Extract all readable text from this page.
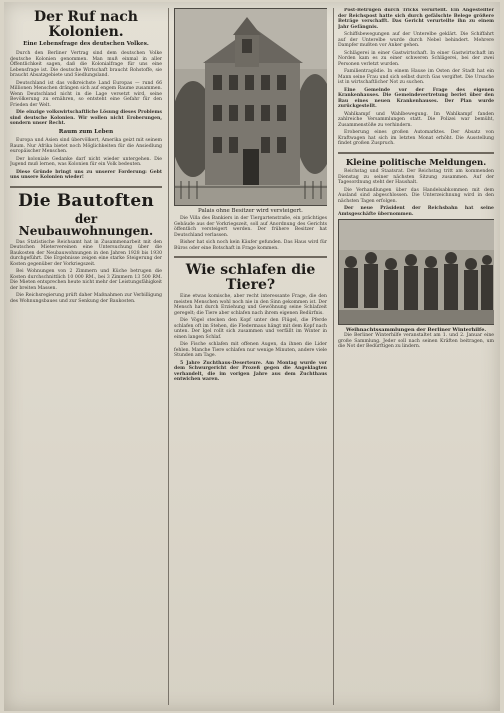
Der Ruf nach Kolonien.
Eine Lebensfrage des deutschen Volkes.

Durch den Berliner Vertrag sind dem deutschen Volke deutsche Kolonien genommen. Man muß einmal in aller Öffentlichkeit sagen, daß die Kolonialfrage für uns eine Lebensfrage ist. Die deutsche Wirtschaft braucht Rohstoffe, sie braucht Absatzgebiete und Siedlungsland.

Deutschland ist das volkreichste Land Europas — rund 66 Millionen Menschen drängen sich auf engem Raume zusammen. Wenn Deutschland nicht in die Lage versetzt wird, seine Bevölkerung zu ernähren, so entsteht eine Gefahr für den Frieden der Welt.

Die einzige volkswirtschaftliche Lösung dieses Problems sind deutsche Kolonien. Wir wollen nicht Eroberungen, sondern unser Recht.

Raum zum Leben

Europa und Asien sind übervölkert, Amerika geizt mit seinem Raum. Nur Afrika bietet noch Möglichkeiten für die Ansiedlung europäischer Menschen.

Der koloniale Gedanke darf nicht wieder untergehen. Die Jugend muß lernen, was Kolonien für ein Volk bedeuten.

Diese Gründe bringt uns zu unserer Forderung: Gebt uns unsere Kolonien wieder!

Die Bautoften
der Neubauwohnungen.

Das Statistische Reichsamt hat in Zusammenarbeit mit den Deutschen Mietervereinen eine Untersuchung über die Baukosten der Neubauwohnungen in den Jahren 1928 bis 1930 durchgeführt. Die Ergebnisse zeigen eine starke Steigerung der Kosten gegenüber der Vorkriegszeit.

Bei Wohnungen von 2 Zimmern und Küche betrugen die Kosten durchschnittlich 10 000 RM., bei 3 Zimmern 13 500 RM. Die Mieten entsprechen heute nicht mehr der Leistungsfähigkeit der breiten Massen.

Die Reichsregierung prüft daher Maßnahmen zur Verbilligung des Wohnungsbaues und zur Senkung der Baukosten.

Palais ohne Besitzer wird versteigert.

Die Villa des Bankiers in der Tiergartenstraße, ein prächtiges Gebäude aus der Vorkriegszeit, soll auf Anordnung des Gerichts öffentlich versteigert werden. Der frühere Besitzer hat Deutschland verlassen.

Bisher hat sich noch kein Käufer gefunden. Das Haus wird für Büros oder eine Botschaft in Frage kommen.

Wie schlafen die Tiere?

Eine etwas komische, aber recht interessante Frage, die den meisten Menschen wohl noch nie in den Sinn gekommen ist. Der Mensch hat durch Erziehung und Gewöhnung seine Schlafzeit geregelt; die Tiere aber schlafen nach ihrem eigenen Bedürfnis.

Die Vögel stecken den Kopf unter den Flügel, die Pferde schlafen oft im Stehen, die Fledermaus hängt mit dem Kopf nach unten. Der Igel rollt sich zusammen und verfällt im Winter in einen langen Schlaf.

Die Fische schlafen mit offenen Augen, da ihnen die Lider fehlen. Manche Tiere schlafen nur wenige Minuten, andere viele Stunden am Tage.

5 Jahre Zuchthaus-Deserteure. Am Montag wurde vor dem Schwurgericht der Prozeß gegen die Angeklagten verhandelt, die im vorigen Jahre aus dem Zuchthaus entwichen waren.

Post-Betrügen durch Tricks verurteilt. Ein Angestellter der Reichspost hatte sich durch gefälschte Belege größere Beträge verschafft. Das Gericht verurteilte ihn zu einem Jahr Gefängnis.

Schiffsbewegungen auf der Unterelbe geklärt. Die Schiffahrt auf der Unterelbe wurde durch Nebel behindert. Mehrere Dampfer mußten vor Anker gehen.

Schlägerei in einer Gastwirtschaft. In einer Gastwirtschaft im Norden kam es zu einer schweren Schlägerei, bei der zwei Personen verletzt wurden.

Familientragödie. In einem Hause im Osten der Stadt hat ein Mann seine Frau und sich selbst durch Gas vergiftet. Die Ursache ist in wirtschaftlicher Not zu suchen.

Eine Gemeinde vor der Frage des eigenen Krankenhauses. Die Gemeindevertretung beriet über den Bau eines neuen Krankenhauses. Der Plan wurde zurückgestellt.

Wahlkampf und Wahlbewegung. Im Wahlkampf fanden zahlreiche Versammlungen statt. Die Polizei war bemüht, Zusammenstöße zu verhindern.

Eroberung eines großen Automarktes. Der Absatz von Kraftwagen hat sich im letzten Monat erhöht. Die Ausstellung findet großen Zuspruch.

Kleine politische Meldungen.

Reichstag und Staatsrat. Der Reichstag tritt am kommenden Dienstag zu seiner nächsten Sitzung zusammen. Auf der Tagesordnung steht der Haushalt.

Die Verhandlungen über das Handelsabkommen mit dem Ausland sind abgeschlossen. Die Unterzeichnung wird in den nächsten Tagen erfolgen.

Der neue Präsident der Reichsbahn hat seine Amtsgeschäfte übernommen.

Weihnachtssammlungen der Berliner Winterhilfe.

Die Berliner Winterhilfe veranstaltet am 1. und 2. Januar eine große Sammlung. Jeder soll nach seinen Kräften beitragen, um die Not der Bedürftigen zu lindern.
